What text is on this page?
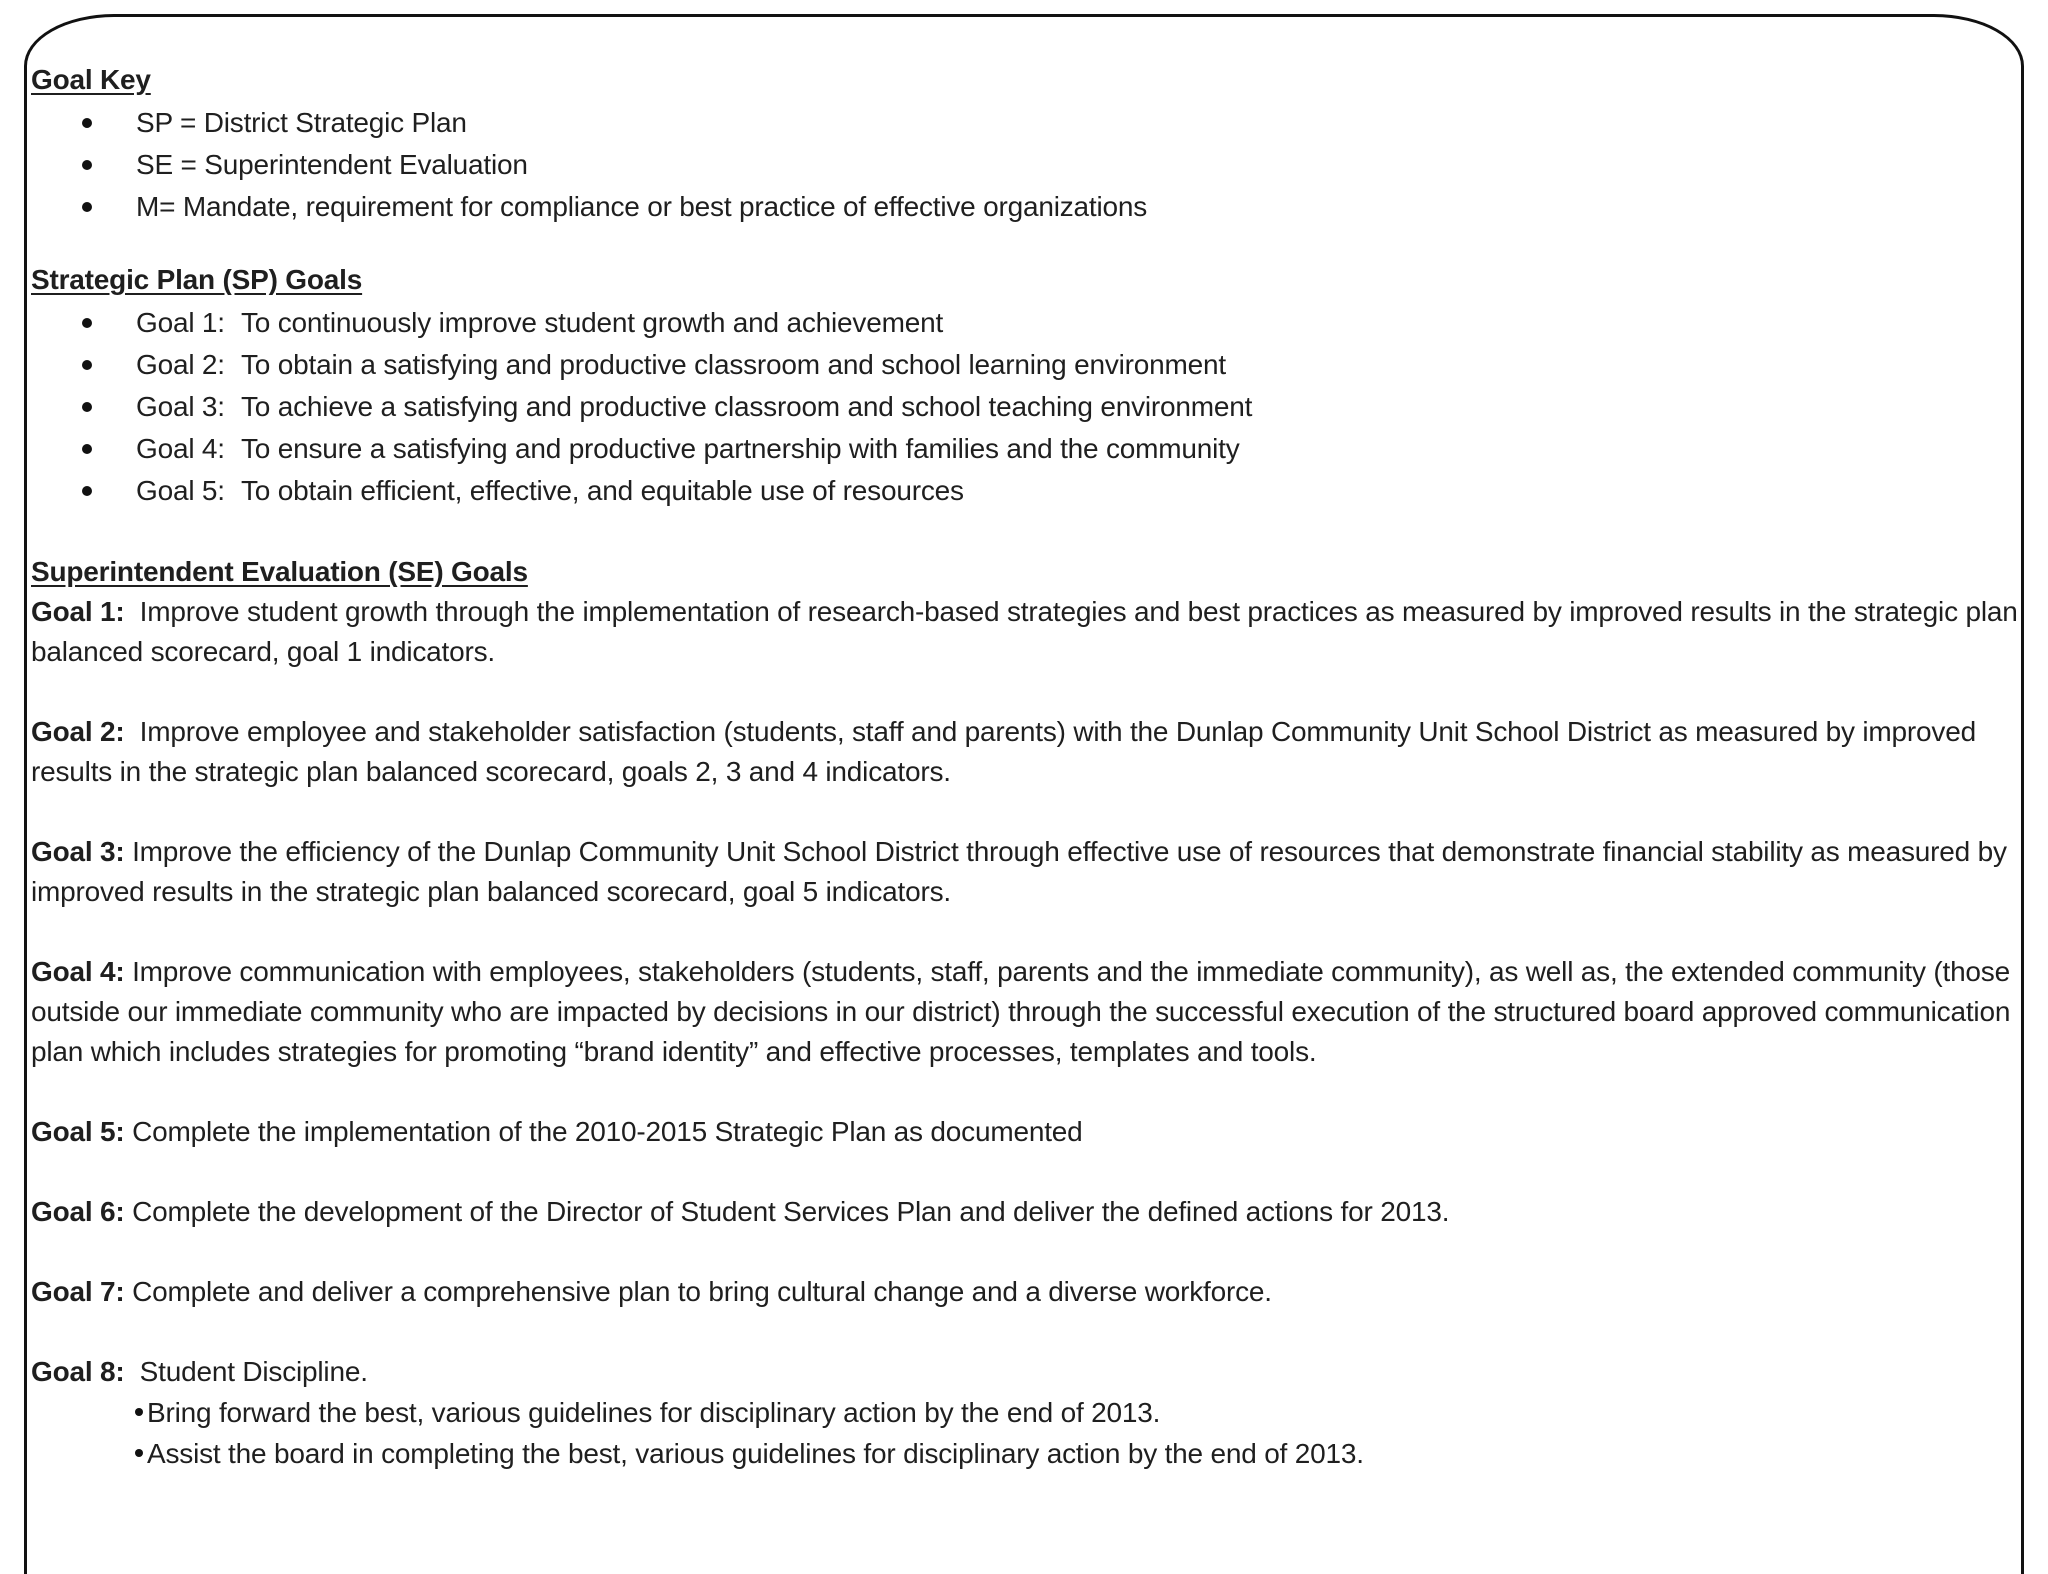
Goal Key

SP = District Strategic Plan
SE = Superintendent Evaluation
M= Mandate, requirement for compliance or best practice of effective organizations

Strategic Plan (SP) Goals

Goal 1: To continuously improve student growth and achievement
Goal 2: To obtain a satisfying and productive classroom and school learning environment
Goal 3: To achieve a satisfying and productive classroom and school teaching environment
Goal 4: To ensure a satisfying and productive partnership with families and the community
Goal 5: To obtain efficient, effective, and equitable use of resources

Superintendent Evaluation (SE) Goals

Goal 1:  Improve student growth through the implementation of research-based strategies and best practices as measured by improved results in the strategic plan balanced scorecard, goal 1 indicators.

Goal 2:  Improve employee and stakeholder satisfaction (students, staff and parents) with the Dunlap Community Unit School District as measured by improved results in the strategic plan balanced scorecard, goals 2, 3 and 4 indicators.

Goal 3: Improve the efficiency of the Dunlap Community Unit School District through effective use of resources that demonstrate financial stability as measured by improved results in the strategic plan balanced scorecard, goal 5 indicators.

Goal 4: Improve communication with employees, stakeholders (students, staff, parents and the immediate community), as well as, the extended community (those outside our immediate community who are impacted by decisions in our district) through the successful execution of the structured board approved communication plan which includes strategies for promoting “brand identity” and effective processes, templates and tools.

Goal 5: Complete the implementation of the 2010-2015 Strategic Plan as documented

Goal 6: Complete the development of the Director of Student Services Plan and deliver the defined actions for 2013.

Goal 7: Complete and deliver a comprehensive plan to bring cultural change and a diverse workforce.

Goal 8:  Student Discipline.

Bring forward the best, various guidelines for disciplinary action by the end of 2013.
Assist the board in completing the best, various guidelines for disciplinary action by the end of 2013.
